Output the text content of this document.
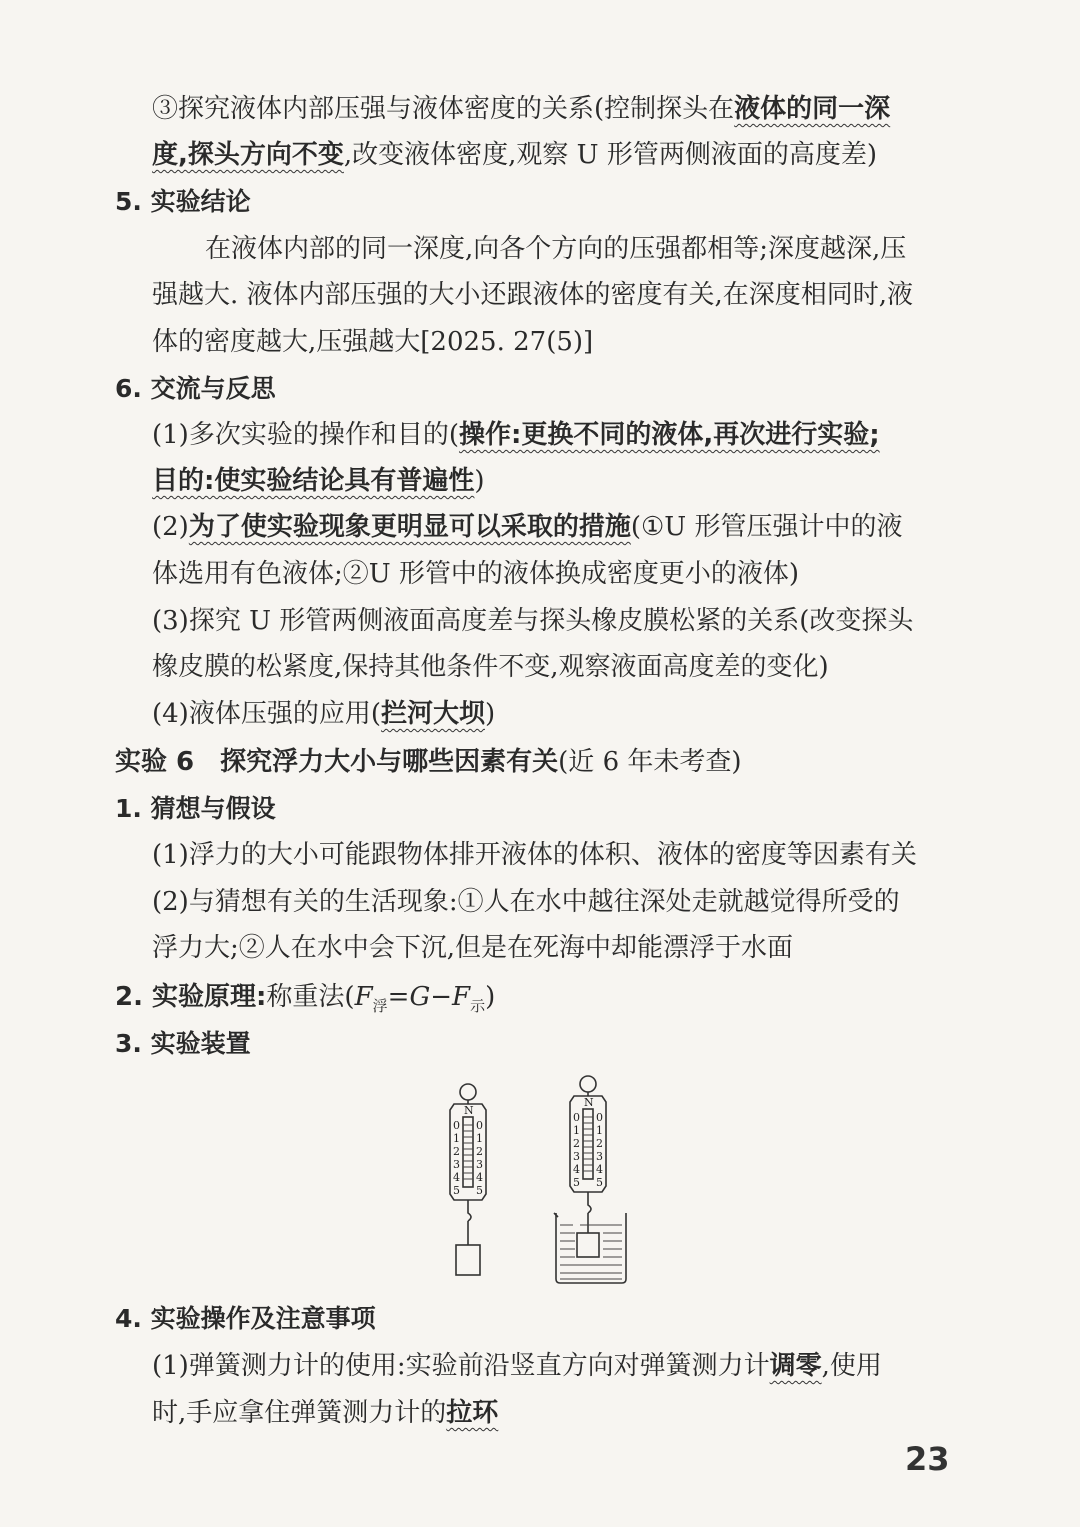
③探究液体内部压强与液体密度的关系(控制探头在液体的同一深
度,探头方向不变,改变液体密度,观察 U 形管两侧液面的高度差)
5. 实验结论
在液体内部的同一深度,向各个方向的压强都相等;深度越深,压
强越大. 液体内部压强的大小还跟液体的密度有关,在深度相同时,液
体的密度越大,压强越大[2025. 27(5)]
6. 交流与反思
(1)多次实验的操作和目的(操作:更换不同的液体,再次进行实验;
目的:使实验结论具有普遍性)
(2)为了使实验现象更明显可以采取的措施(①U 形管压强计中的液
体选用有色液体;②U 形管中的液体换成密度更小的液体)
(3)探究 U 形管两侧液面高度差与探头橡皮膜松紧的关系(改变探头
橡皮膜的松紧度,保持其他条件不变,观察液面高度差的变化)
(4)液体压强的应用(拦河大坝)
实验 6　探究浮力大小与哪些因素有关(近 6 年未考查)
1. 猜想与假设
(1)浮力的大小可能跟物体排开液体的体积、液体的密度等因素有关
(2)与猜想有关的生活现象:①人在水中越往深处走就越觉得所受的
浮力大;②人在水中会下沉,但是在死海中却能漂浮于水面
2. 实验原理:称重法$(F_浮=G-F_示)$
3. 实验装置
N
0
1
2
3
4
5
0
1
2
3
4
5
N
0
1
2
3
4
5
0
1
2
3
4
5
4. 实验操作及注意事项
(1)弹簧测力计的使用:实验前沿竖直方向对弹簧测力计调零,使用
时,手应拿住弹簧测力计的拉环
23
